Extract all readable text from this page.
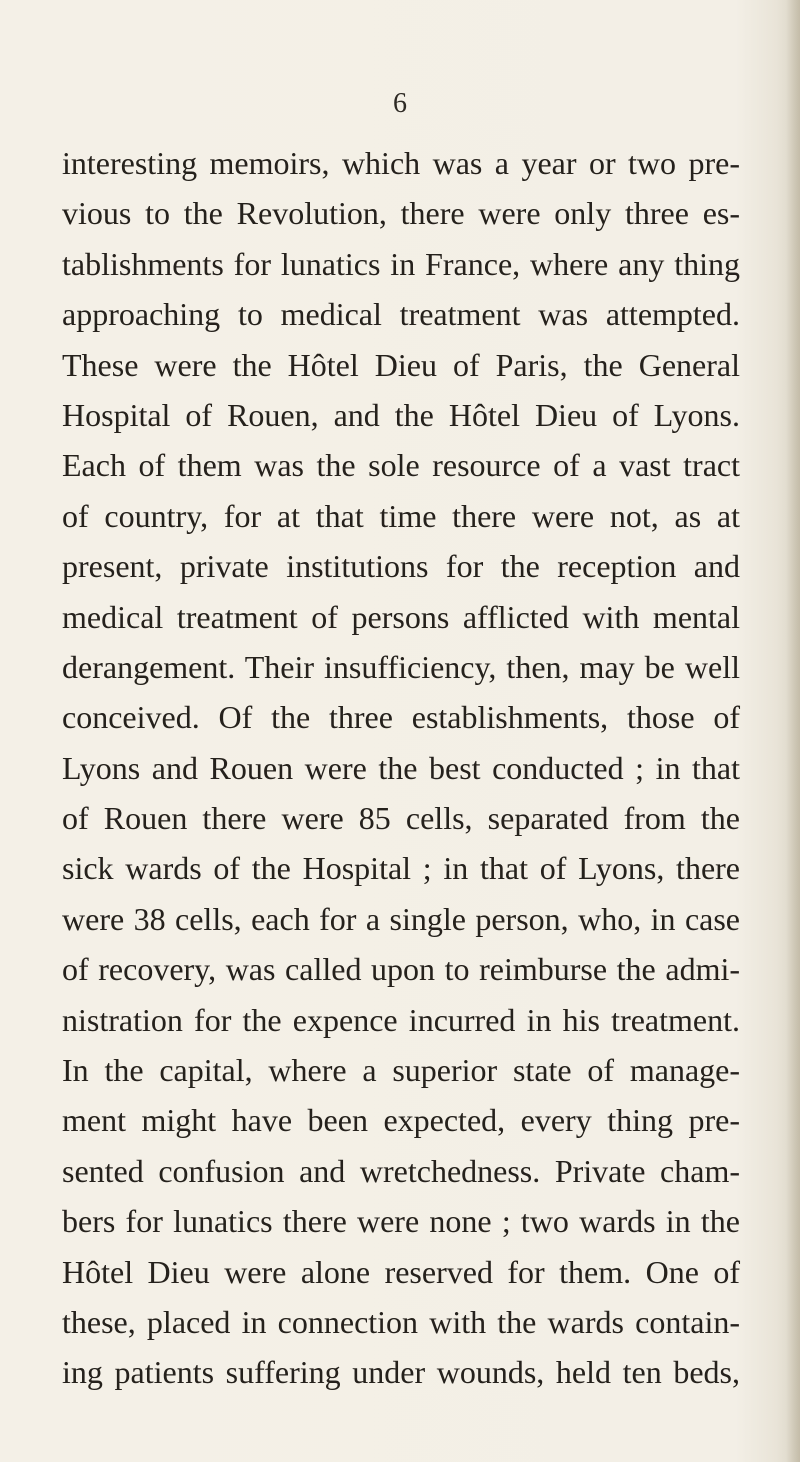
6
interesting memoirs, which was a year or two pre-
vious to the Revolution, there were only three es-
tablishments for lunatics in France, where any thing
approaching to medical treatment was attempted.
These were the Hôtel Dieu of Paris, the General
Hospital of Rouen, and the Hôtel Dieu of Lyons.
Each of them was the sole resource of a vast tract
of country, for at that time there were not, as at
present, private institutions for the reception and
medical treatment of persons afflicted with mental
derangement. Their insufficiency, then, may be well
conceived. Of the three establishments, those of
Lyons and Rouen were the best conducted ; in that
of Rouen there were 85 cells, separated from the
sick wards of the Hospital ; in that of Lyons, there
were 38 cells, each for a single person, who, in case
of recovery, was called upon to reimburse the admi-
nistration for the expence incurred in his treatment.
In the capital, where a superior state of manage-
ment might have been expected, every thing pre-
sented confusion and wretchedness. Private cham-
bers for lunatics there were none ; two wards in the
Hôtel Dieu were alone reserved for them. One of
these, placed in connection with the wards contain-
ing patients suffering under wounds, held ten beds,
